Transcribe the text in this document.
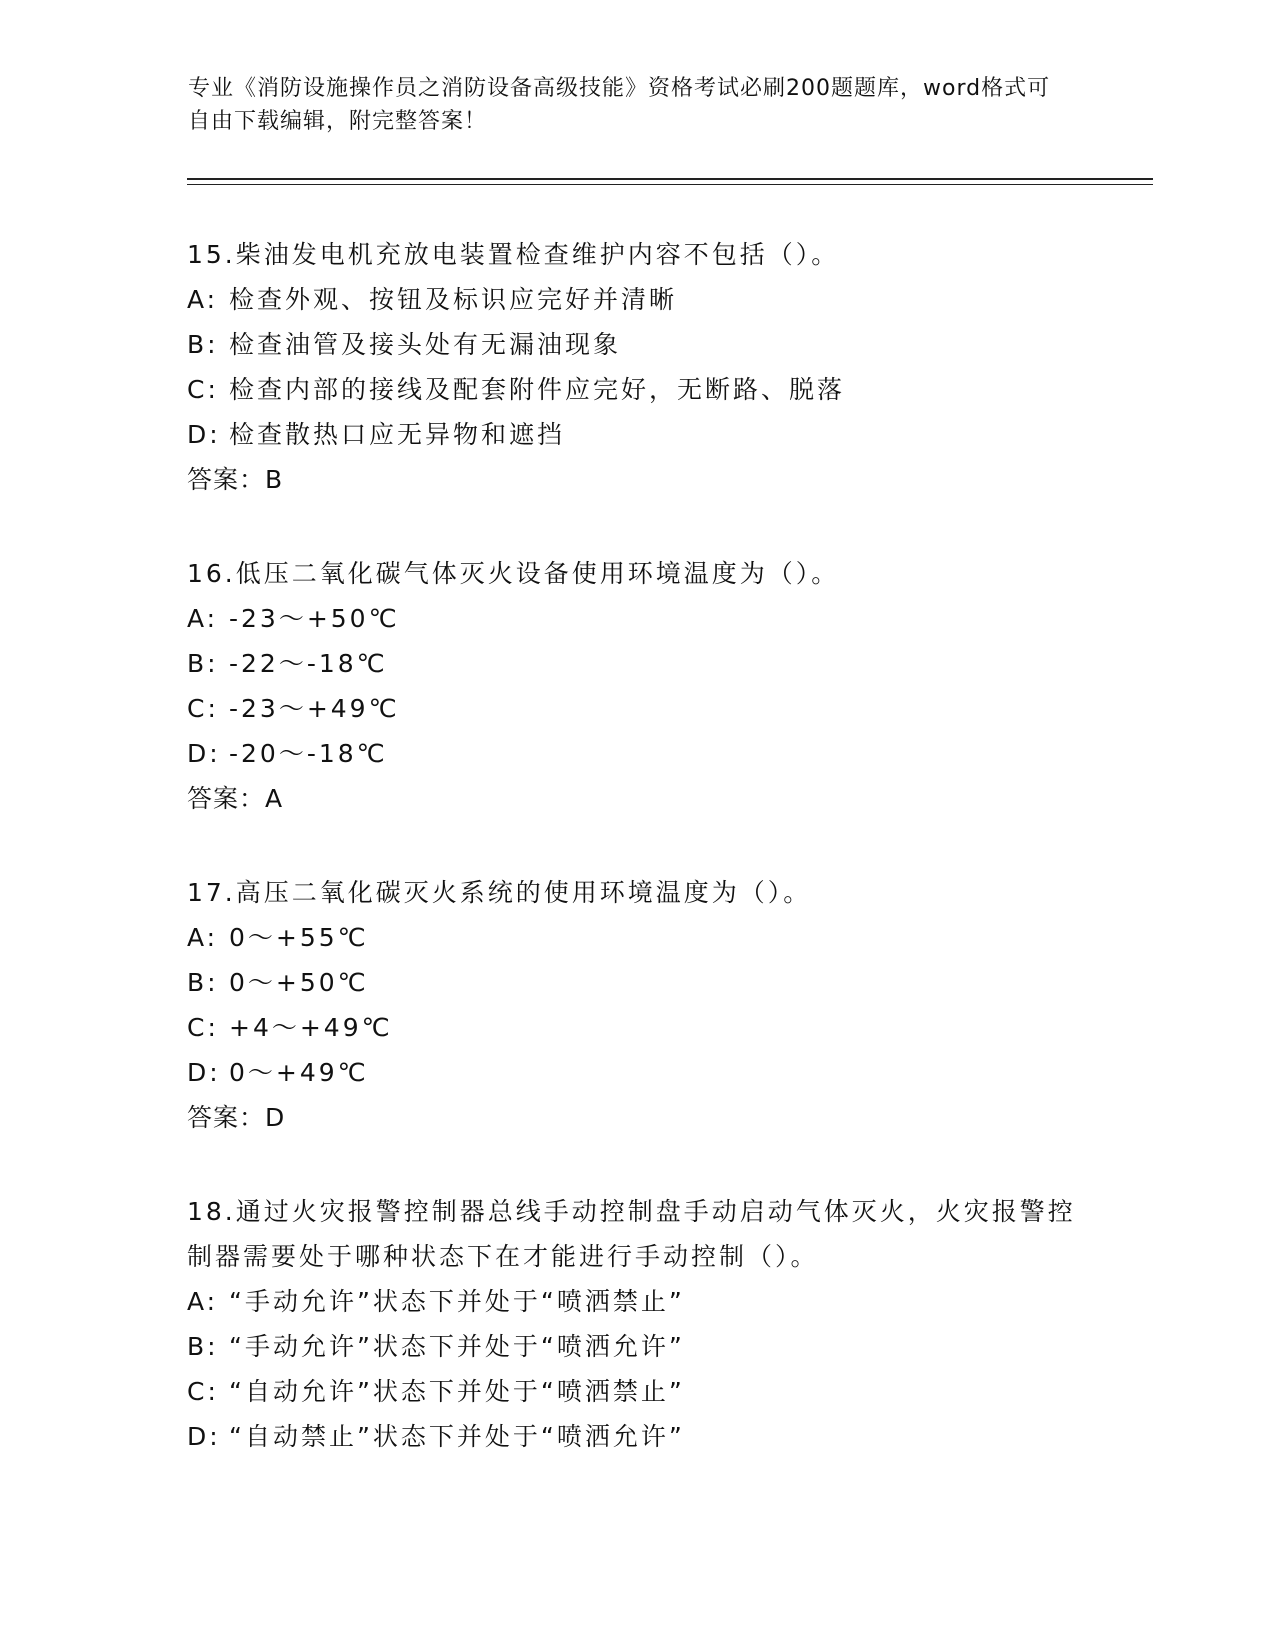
专业《消防设施操作员之消防设备高级技能》资格考试必刷200题题库，word格式可自由下载编辑，附完整答案！
15.柴油发电机充放电装置检查维护内容不包括（）。
A: 检查外观、按钮及标识应完好并清晰
B: 检查油管及接头处有无漏油现象
C: 检查内部的接线及配套附件应完好，无断路、脱落
D: 检查散热口应无异物和遮挡
答案：B
16.低压二氧化碳气体灭火设备使用环境温度为（）。
A: -23～+50℃
B: -22～-18℃
C: -23～+49℃
D: -20～-18℃
答案：A
17.高压二氧化碳灭火系统的使用环境温度为（）。
A: 0～+55℃
B: 0～+50℃
C: +4～+49℃
D: 0～+49℃
答案：D
18.通过火灾报警控制器总线手动控制盘手动启动气体灭火，火灾报警控制器需要处于哪种状态下在才能进行手动控制（）。
A: “手动允许”状态下并处于“喷洒禁止”
B: “手动允许”状态下并处于“喷洒允许”
C: “自动允许”状态下并处于“喷洒禁止”
D: “自动禁止”状态下并处于“喷洒允许”
